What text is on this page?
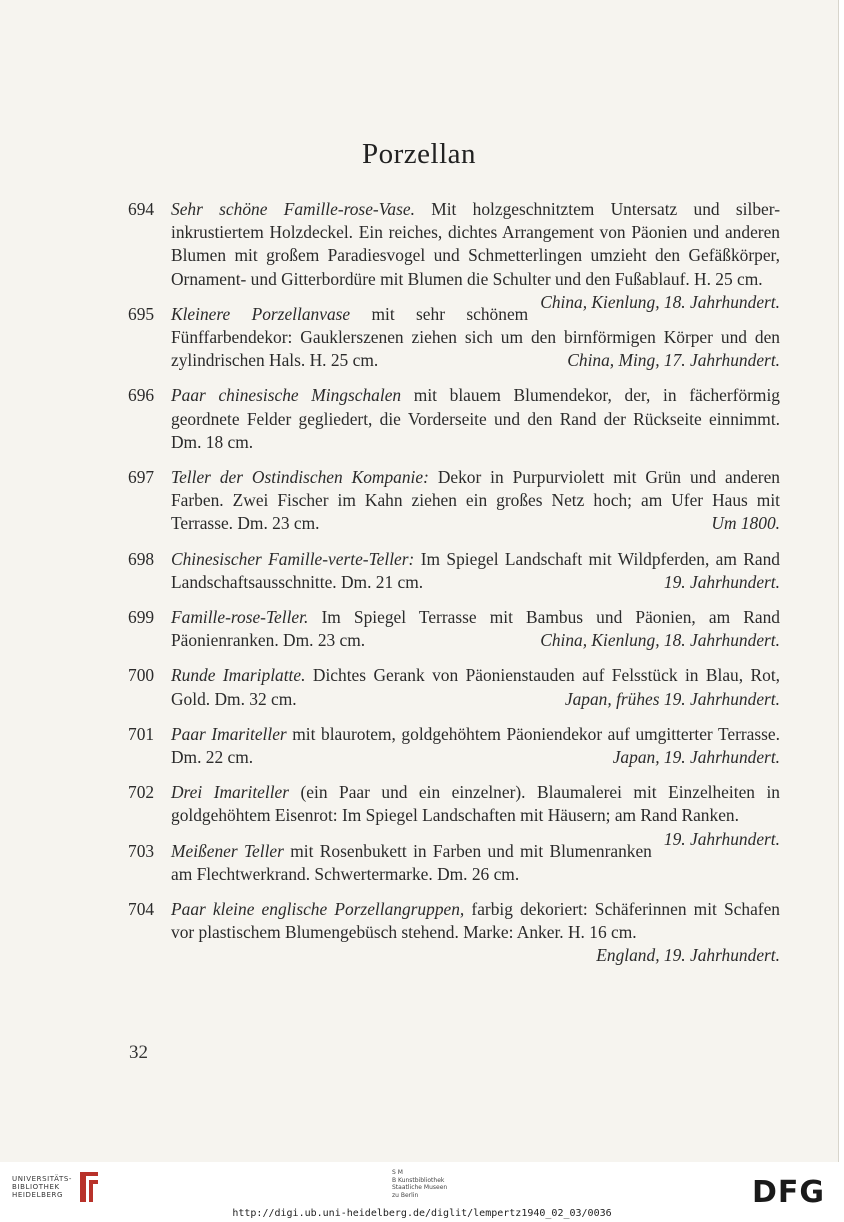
Porzellan
694 Sehr schöne Famille-rose-Vase. Mit holzgeschnitztem Untersatz und silber-inkrustiertem Holzdeckel. Ein reiches, dichtes Arrangement von Päonien und anderen Blumen mit großem Paradiesvogel und Schmetterlingen umzieht den Gefäßkörper, Ornament- und Gitterbordüre mit Blumen die Schulter und den Fußablauf. H. 25 cm.
China, Kienlung, 18. Jahrhundert.
695 Kleinere Porzellanvase mit sehr schönem Fünffarbendekor: Gauklerszenen ziehen sich um den birnförmigen Körper und den zylindrischen Hals. H. 25 cm.	China, Ming, 17. Jahrhundert.
696 Paar chinesische Mingschalen mit blauem Blumendekor, der, in fächerförmig geordnete Felder gegliedert, die Vorderseite und den Rand der Rückseite einnimmt. Dm. 18 cm.
697 Teller der Ostindischen Kompanie: Dekor in Purpurviolett mit Grün und anderen Farben. Zwei Fischer im Kahn ziehen ein großes Netz hoch; am Ufer Haus mit Terrasse. Dm. 23 cm.	Um 1800.
698 Chinesischer Famille-verte-Teller: Im Spiegel Landschaft mit Wildpferden, am Rand Landschaftsausschnitte. Dm. 21 cm.	19. Jahrhundert.
699 Famille-rose-Teller. Im Spiegel Terrasse mit Bambus und Päonien, am Rand Päonienranken. Dm. 23 cm.	China, Kienlung, 18. Jahrhundert.
700 Runde Imariplatte. Dichtes Gerank von Päonienstauden auf Felsstück in Blau, Rot, Gold. Dm. 32 cm.	Japan, frühes 19. Jahrhundert.
701 Paar Imariteller mit blaurotem, goldgehöhtem Päoniendekor auf umgitterter Terrasse. Dm. 22 cm.	Japan, 19. Jahrhundert.
702 Drei Imariteller (ein Paar und ein einzelner). Blaumalerei mit Einzelheiten in goldgehöhtem Eisenrot: Im Spiegel Landschaften mit Häusern; am Rand Ranken.
19. Jahrhundert.
703 Meißener Teller mit Rosenbukett in Farben und mit Blumenranken am Flechtwerkrand. Schwertermarke. Dm. 26 cm.
704 Paar kleine englische Porzellangruppen, farbig dekoriert: Schäferinnen mit Schafen vor plastischem Blumengebüsch stehend. Marke: Anker. H. 16 cm.
England, 19. Jahrhundert.
32
UNIVERSITÄTS-
BIBLIOTHEK
HEIDELBERG
S M
B Kunstbibliothek
Staatliche Museen
zu Berlin	DFG
http://digi.ub.uni-heidelberg.de/diglit/lempertz1940_02_03/0036
